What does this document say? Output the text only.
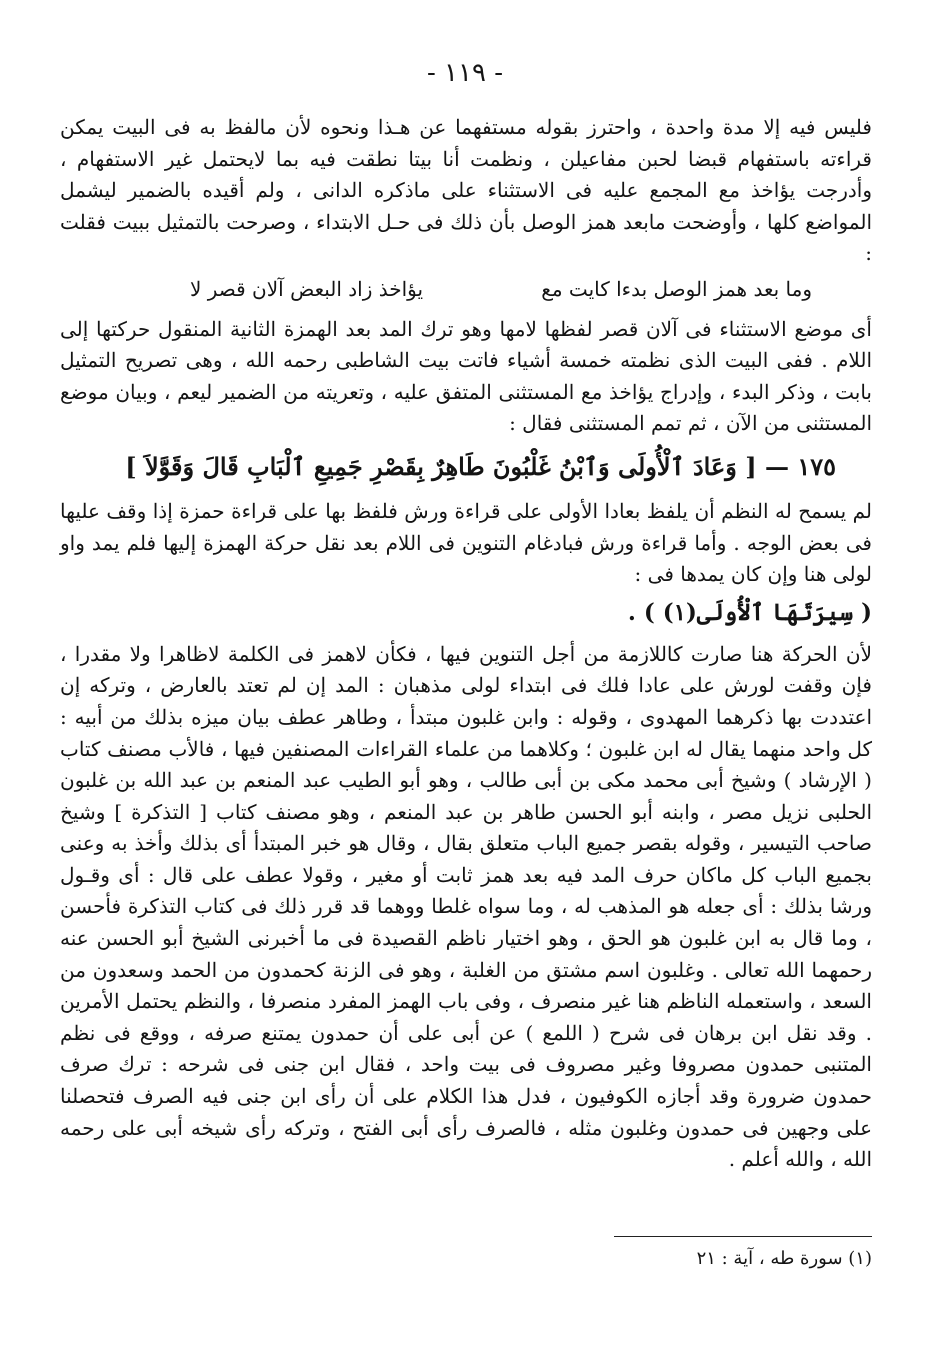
- ١١٩ -

فليس فيه إلا مدة واحدة ، واحترز بقوله مستفهما عن هـذا ونحوه لأن مالفظ به فى البيت يمكن قراءته باستفهام قبضا لحبن مفاعيلن ، ونظمت أنا بيتا نطقت فيه بما لايحتمل غير الاستفهام ، وأدرجت يؤاخذ مع المجمع عليه فى الاستثناء على ماذكره الدانى ، ولم أقيده بالضمير ليشمل المواضع كلها ، وأوضحت مابعد همز الوصل بأن ذلك فى حـل الابتداء ، وصرحت بالتمثيل ببيت فقلت :

وما بعد همز الوصل بدءا كايت مع
يؤاخذ زاد البعض آلان قصر لا

أى موضع الاستثناء فى آلان قصر لفظها لامها وهو ترك المد بعد الهمزة الثانية المنقول حركتها إلى اللام . ففى البيت الذى نظمته خمسة أشياء فاتت بيت الشاطبى رحمه الله ، وهى تصريح التمثيل بابت ، وذكر البدء ، وإدراج يؤاخذ مع المستثنى المتفق عليه ، وتعريته من الضمير ليعم ، وبيان موضع المستثنى من الآن ، ثم تمم المستثنى فقال :

١٧٥ — [ وَعَادَ ٱلْأُولَى وَٱبْنُ غَلْبُونَ طَاهِرٌ بِقَصْرِ جَمِيعِ ٱلْبَابِ قَالَ وَقَوَّلاَ ]

لم يسمح له النظم أن يلفظ بعادا الأولى على قراءة ورش فلفظ بها على قراءة حمزة إذا وقف عليها فى بعض الوجه . وأما قراءة ورش فبادغام التنوين فى اللام بعد نقل حركة الهمزة إليها فلم يمد واو لولى هنا وإن كان يمدها فى :

( سِيرَتَهَا ٱلْأُولَى(١) ) .

لأن الحركة هنا صارت كاللازمة من أجل التنوين فيها ، فكأن لاهمز فى الكلمة لاظاهرا ولا مقدرا ، فإن وقفت لورش على عادا فلك فى ابتداء لولى مذهبان : المد إن لم تعتد بالعارض ، وتركه إن اعتددت بها ذكرهما المهدوى ، وقوله : وابن غلبون مبتدأ ، وطاهر عطف بيان ميزه بذلك من أبيه : كل واحد منهما يقال له ابن غلبون ؛ وكلاهما من علماء القراءات المصنفين فيها ، فالأب مصنف كتاب ( الإرشاد ) وشيخ أبى محمد مكى بن أبى طالب ، وهو أبو الطيب عبد المنعم بن عبد الله بن غلبون الحلبى نزيل مصر ، وابنه أبو الحسن طاهر بن عبد المنعم ، وهو مصنف كتاب [ التذكرة ] وشيخ صاحب التيسير ، وقوله بقصر جميع الباب متعلق بقال ، وقال هو خبر المبتدأ أى بذلك وأخذ به وعنى بجميع الباب كل ماكان حرف المد فيه بعد همز ثابت أو مغير ، وقولا عطف على قال : أى وقـول ورشا بذلك : أى جعله هو المذهب له ، وما سواه غلطا ووهما قد قرر ذلك فى كتاب التذكرة فأحسن ، وما قال به ابن غلبون هو الحق ، وهو اختيار ناظم القصيدة فى ما أخبرنى الشيخ أبو الحسن عنه رحمهما الله تعالى . وغلبون اسم مشتق من الغلبة ، وهو فى الزنة كحمدون من الحمد وسعدون من السعد ، واستعمله الناظم هنا غير منصرف ، وفى باب الهمز المفرد منصرفا ، والنظم يحتمل الأمرين . وقد نقل ابن برهان فى شرح ( اللمع ) عن أبى على أن حمدون يمتنع صرفه ، ووقع فى نظم المتنبى حمدون مصروفا وغير مصروف فى بيت واحد ، فقال ابن جنى فى شرحه : ترك صرف حمدون ضرورة وقد أجازه الكوفيون ، فدل هذا الكلام على أن رأى ابن جنى فيه الصرف فتحصلنا على وجهين فى حمدون وغلبون مثله ، فالصرف رأى أبى الفتح ، وتركه رأى شيخه أبى على رحمه الله ، والله أعلم .

(١) سورة طه ، آية : ٢١
